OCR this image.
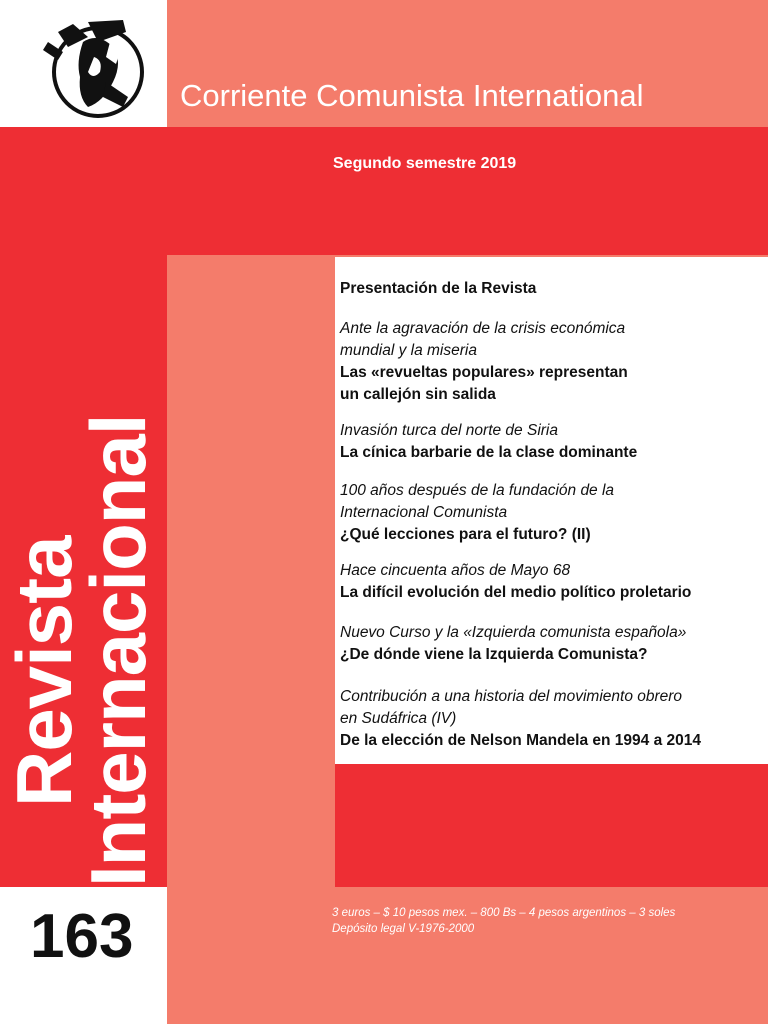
Corriente Comunista International
Segundo semestre 2019
Revista
Internacional
163	3 euros – $ 10 pesos mex. – 800 Bs – 4 pesos argentinos – 3 soles
Depósito legal V-1976-2000
Presentación de la Revista
Ante la agravación de la crisis económica
mundial y la miseria
Las «revueltas populares» representan
un callejón sin salida
Invasión turca del norte de Siria
La cínica barbarie de la clase dominante
100 años después de la fundación de la
Internacional Comunista
¿Qué lecciones para el futuro? (II)
Hace cincuenta años de Mayo 68
La difícil evolución del medio político proletario
Nuevo Curso y la «Izquierda comunista española»
¿De dónde viene la Izquierda Comunista?
Contribución a una historia del movimiento obrero
en Sudáfrica (IV)
De la elección de Nelson Mandela en 1994 a 2014
